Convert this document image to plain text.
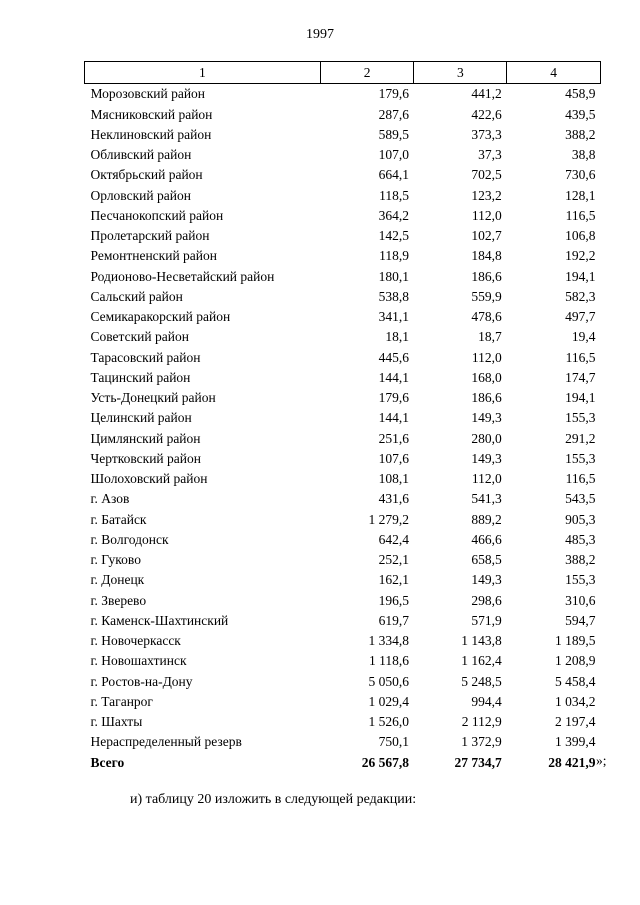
1997
1	2	3	4
Морозовский район	179,6	441,2	458,9
Мясниковский район	287,6	422,6	439,5
Неклиновский район	589,5	373,3	388,2
Обливский район	107,0	37,3	38,8
Октябрьский район	664,1	702,5	730,6
Орловский район	118,5	123,2	128,1
Песчанокопский район	364,2	112,0	116,5
Пролетарский район	142,5	102,7	106,8
Ремонтненский район	118,9	184,8	192,2
Родионово-Несветайский район	180,1	186,6	194,1
Сальский район	538,8	559,9	582,3
Семикаракорский район	341,1	478,6	497,7
Советский район	18,1	18,7	19,4
Тарасовский район	445,6	112,0	116,5
Тацинский район	144,1	168,0	174,7
Усть-Донецкий район	179,6	186,6	194,1
Целинский район	144,1	149,3	155,3
Цимлянский район	251,6	280,0	291,2
Чертковский район	107,6	149,3	155,3
Шолоховский район	108,1	112,0	116,5
г. Азов	431,6	541,3	543,5
г. Батайск	1 279,2	889,2	905,3
г. Волгодонск	642,4	466,6	485,3
г. Гуково	252,1	658,5	388,2
г. Донецк	162,1	149,3	155,3
г. Зверево	196,5	298,6	310,6
г. Каменск-Шахтинский	619,7	571,9	594,7
г. Новочеркасск	1 334,8	1 143,8	1 189,5
г. Новошахтинск	1 118,6	1 162,4	1 208,9
г. Ростов-на-Дону	5 050,6	5 248,5	5 458,4
г. Таганрог	1 029,4	994,4	1 034,2
г. Шахты	1 526,0	2 112,9	2 197,4
Нераспределенный резерв	750,1	1 372,9	1 399,4
Всего	26 567,8	27 734,7	28 421,9 »;
и) таблицу 20 изложить в следующей редакции:
